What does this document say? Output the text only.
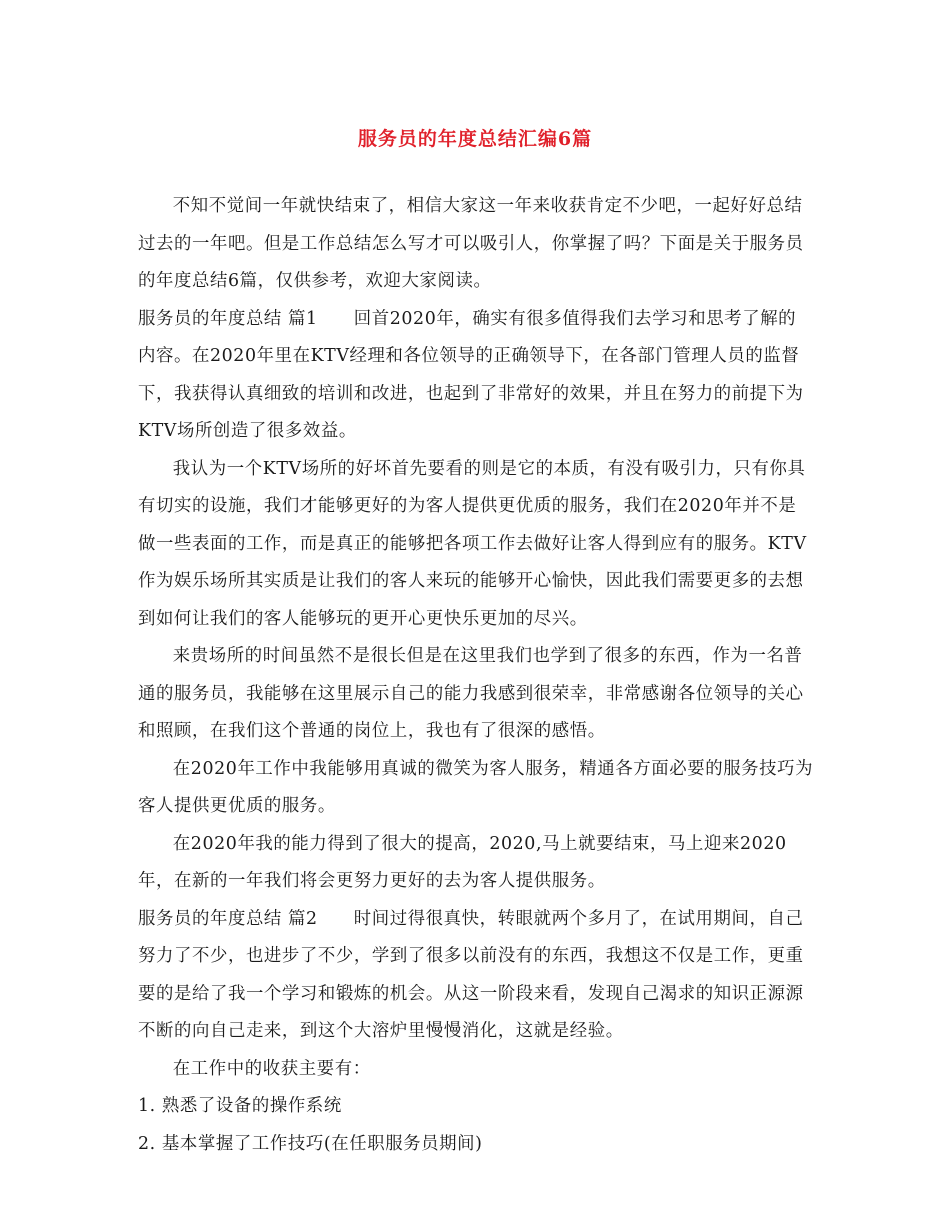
服务员的年度总结汇编6篇

不知不觉间一年就快结束了，相信大家这一年来收获肯定不少吧，一起好好总结过去的一年吧。但是工作总结怎么写才可以吸引人，你掌握了吗？下面是关于服务员的年度总结6篇，仅供参考，欢迎大家阅读。

服务员的年度总结 篇1 回首2020年，确实有很多值得我们去学习和思考了解的内容。在2020年里在KTV经理和各位领导的正确领导下，在各部门管理人员的监督下，我获得认真细致的培训和改进，也起到了非常好的效果，并且在努力的前提下为KTV场所创造了很多效益。

我认为一个KTV场所的好坏首先要看的则是它的本质，有没有吸引力，只有你具有切实的设施，我们才能够更好的为客人提供更优质的服务，我们在2020年并不是做一些表面的工作，而是真正的能够把各项工作去做好让客人得到应有的服务。KTV作为娱乐场所其实质是让我们的客人来玩的能够开心愉快，因此我们需要更多的去想到如何让我们的客人能够玩的更开心更快乐更加的尽兴。

来贵场所的时间虽然不是很长但是在这里我们也学到了很多的东西，作为一名普通的服务员，我能够在这里展示自己的能力我感到很荣幸，非常感谢各位领导的关心和照顾，在我们这个普通的岗位上，我也有了很深的感悟。

在2020年工作中我能够用真诚的微笑为客人服务，精通各方面必要的服务技巧为客人提供更优质的服务。

在2020年我的能力得到了很大的提高，2020,马上就要结束，马上迎来2020年，在新的一年我们将会更努力更好的去为客人提供服务。

服务员的年度总结 篇2 时间过得很真快，转眼就两个多月了，在试用期间，自己努力了不少，也进步了不少，学到了很多以前没有的东西，我想这不仅是工作，更重要的是给了我一个学习和锻炼的机会。从这一阶段来看，发现自己渴求的知识正源源不断的向自己走来，到这个大溶炉里慢慢消化，这就是经验。

在工作中的收获主要有：

1. 熟悉了设备的操作系统

2. 基本掌握了工作技巧(在任职服务员期间)
